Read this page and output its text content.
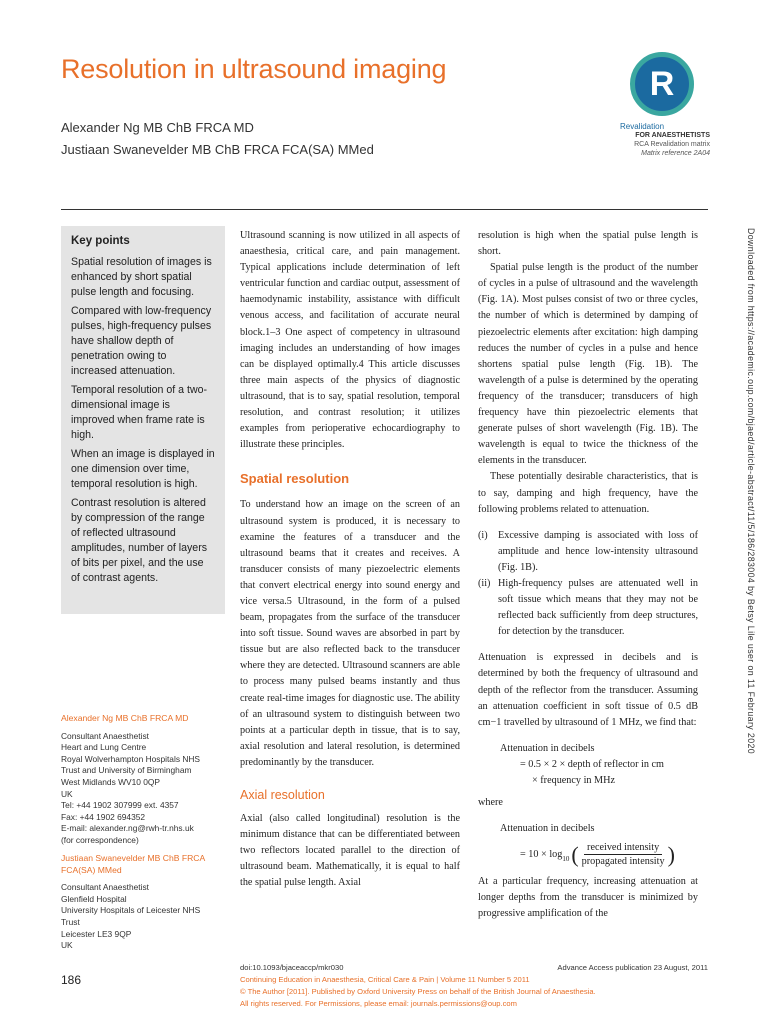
Resolution in ultrasound imaging
Alexander Ng MB ChB FRCA MD
Justiaan Swanevelder MB ChB FRCA FCA(SA) MMed
R
Revalidation
FOR ANAESTHETISTS
RCA Revalidation matrix
Matrix reference 2A04
Key points

Spatial resolution of images is enhanced by short spatial pulse length and focusing.

Compared with low-frequency pulses, high-frequency pulses have shallow depth of penetration owing to increased attenuation.

Temporal resolution of a two-dimensional image is improved when frame rate is high.

When an image is displayed in one dimension over time, temporal resolution is high.

Contrast resolution is altered by compression of the range of reflected ultrasound amplitudes, number of layers of bits per pixel, and the use of contrast agents.

Alexander Ng MB ChB FRCA MD
Consultant Anaesthetist
Heart and Lung Centre
Royal Wolverhampton Hospitals NHS
Trust and University of Birmingham
West Midlands WV10 0QP
UK
Tel: +44 1902 307999 ext. 4357
Fax: +44 1902 694352
E-mail: alexander.ng@rwh-tr.nhs.uk
(for correspondence)
Justiaan Swanevelder MB ChB FRCA
FCA(SA) MMed
Consultant Anaesthetist
Glenfield Hospital
University Hospitals of Leicester NHS
Trust
Leicester LE3 9QP
UK

Ultrasound scanning is now utilized in all aspects of anaesthesia, critical care, and pain management. Typical applications include determination of left ventricular function and cardiac output, assessment of haemodynamic instability, assistance with difficult venous access, and facilitation of accurate neural block.1–3 One aspect of competency in ultrasound imaging includes an understanding of how images can be displayed optimally.4 This article discusses three main aspects of the physics of diagnostic ultrasound, that is to say, spatial resolution, temporal resolution, and contrast resolution; it utilizes examples from perioperative echocardiography to illustrate these principles.

Spatial resolution

To understand how an image on the screen of an ultrasound system is produced, it is necessary to examine the features of a transducer and the ultrasound beams that it creates and receives. A transducer consists of many piezoelectric elements that convert electrical energy into sound energy and vice versa.5 Ultrasound, in the form of a pulsed beam, propagates from the surface of the transducer into soft tissue. Sound waves are absorbed in part by tissue but are also reflected back to the transducer where they are detected. Ultrasound scanners are able to process many pulsed beams instantly and thus create real-time images for diagnostic use. The ability of an ultrasound system to distinguish between two points at a particular depth in tissue, that is to say, axial resolution and lateral resolution, is determined predominantly by the transducer.

Axial resolution

Axial (also called longitudinal) resolution is the minimum distance that can be differentiated between two reflectors located parallel to the direction of ultrasound beam. Mathematically, it is equal to half the spatial pulse length. Axial

resolution is high when the spatial pulse length is short.

Spatial pulse length is the product of the number of cycles in a pulse of ultrasound and the wavelength (Fig. 1A). Most pulses consist of two or three cycles, the number of which is determined by damping of piezoelectric elements after excitation: high damping reduces the number of cycles in a pulse and hence shortens spatial pulse length (Fig. 1B). The wavelength of a pulse is determined by the operating frequency of the transducer; transducers of high frequency have thin piezoelectric elements that generate pulses of short wavelength (Fig. 1B). The wavelength is equal to twice the thickness of the elements in the transducer.

These potentially desirable characteristics, that is to say, damping and high frequency, have the following problems related to attenuation.

(i)	Excessive damping is associated with loss of amplitude and hence low-intensity ultrasound (Fig. 1B).
(ii) High-frequency pulses are attenuated well in soft tissue which means that they may not be reflected back sufficiently from deep structures, for detection by the transducer.

Attenuation is expressed in decibels and is determined by both the frequency of ultrasound and depth of the reflector from the transducer. Assuming an attenuation coefficient in soft tissue of 0.5 dB cm−1 travelled by ultrasound of 1 MHz, we find that:

Attenuation in decibels
= 0.5 × 2 × depth of reflector in cm
× frequency in MHz

where

Attenuation in decibels
= $10 \times \log_{10}$ ( received intensity
propagated intensity )

At a particular frequency, increasing attenuation at longer depths from the transducer is minimized by progressive amplification of the

Downloaded from https://academic.oup.com/bjaed/article-abstract/11/5/186/283004 by Betsy Lile user on 11 February 2020
186
doi:10.1093/bjaceaccp/mkr030
Continuing Education in Anaesthesia, Critical Care & Pain | Volume 11 Number 5 2011
© The Author [2011]. Published by Oxford University Press on behalf of the British Journal of Anaesthesia.
All rights reserved. For Permissions, please email: journals.permissions@oup.com
Advance Access publication 23 August, 2011
